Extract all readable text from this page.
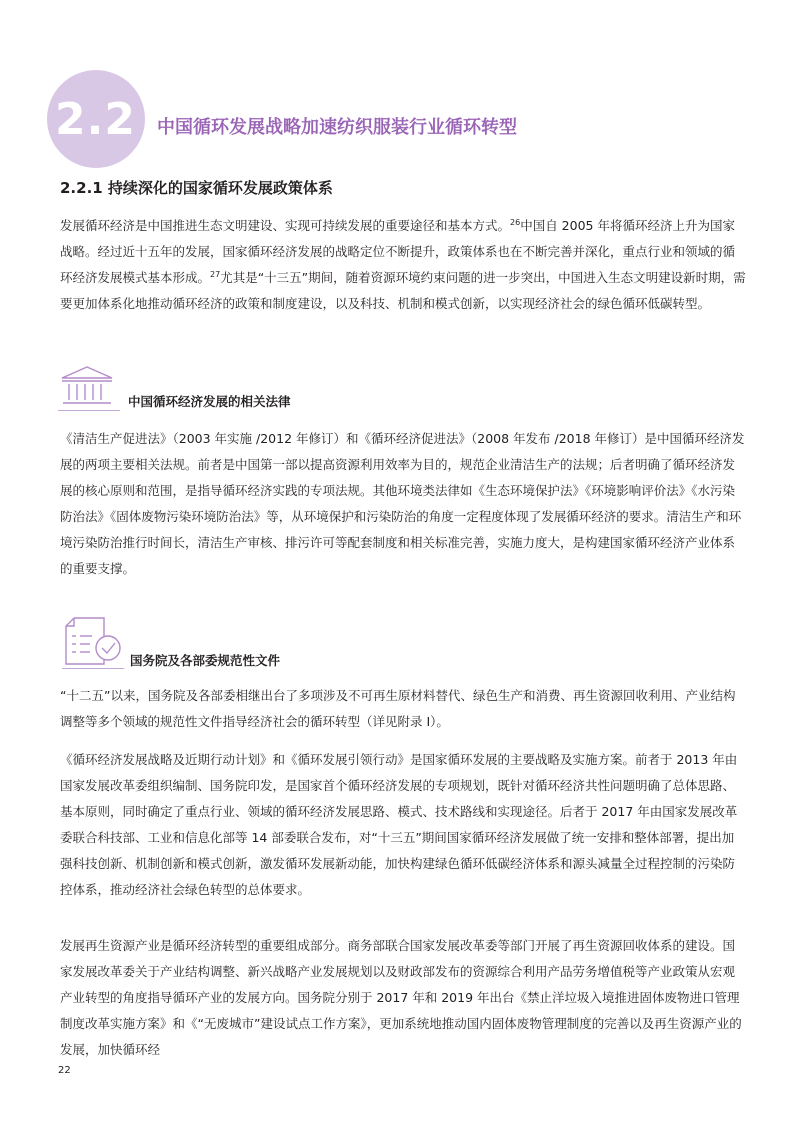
2.2 中国循环发展战略加速纺织服装行业循环转型
2.2.1 持续深化的国家循环发展政策体系

发展循环经济是中国推进生态文明建设、实现可持续发展的重要途径和基本方式。$^{26}$中国自 2005 年将循环经济上升为国家战略。经过近十五年的发展，国家循环经济发展的战略定位不断提升，政策体系也在不断完善并深化，重点行业和领域的循环经济发展模式基本形成。$^{27}$尤其是“十三五”期间，随着资源环境约束问题的进一步突出，中国进入生态文明建设新时期，需要更加体系化地推动循环经济的政策和制度建设，以及科技、机制和模式创新，以实现经济社会的绿色循环低碳转型。

中国循环经济发展的相关法律

《清洁生产促进法》（2003 年实施 /2012 年修订）和《循环经济促进法》（2008 年发布 /2018 年修订）是中国循环经济发展的两项主要相关法规。前者是中国第一部以提高资源利用效率为目的，规范企业清洁生产的法规；后者明确了循环经济发展的核心原则和范围，是指导循环经济实践的专项法规。其他环境类法律如《生态环境保护法》《环境影响评价法》《水污染防治法》《固体废物污染环境防治法》等，从环境保护和污染防治的角度一定程度体现了发展循环经济的要求。清洁生产和环境污染防治推行时间长，清洁生产审核、排污许可等配套制度和相关标准完善，实施力度大，是构建国家循环经济产业体系的重要支撑。

国务院及各部委规范性文件

“十二五”以来，国务院及各部委相继出台了多项涉及不可再生原材料替代、绿色生产和消费、再生资源回收利用、产业结构调整等多个领域的规范性文件指导经济社会的循环转型（详见附录 I）。

《循环经济发展战略及近期行动计划》和《循环发展引领行动》是国家循环发展的主要战略及实施方案。前者于 2013 年由国家发展改革委组织编制、国务院印发，是国家首个循环经济发展的专项规划，既针对循环经济共性问题明确了总体思路、基本原则，同时确定了重点行业、领域的循环经济发展思路、模式、技术路线和实现途径。后者于 2017 年由国家发展改革委联合科技部、工业和信息化部等 14 部委联合发布，对“十三五”期间国家循环经济发展做了统一安排和整体部署，提出加强科技创新、机制创新和模式创新，激发循环发展新动能，加快构建绿色循环低碳经济体系和源头减量全过程控制的污染防控体系，推动经济社会绿色转型的总体要求。

发展再生资源产业是循环经济转型的重要组成部分。商务部联合国家发展改革委等部门开展了再生资源回收体系的建设。国家发展改革委关于产业结构调整、新兴战略产业发展规划以及财政部发布的资源综合利用产品劳务增值税等产业政策从宏观产业转型的角度指导循环产业的发展方向。国务院分别于 2017 年和 2019 年出台《禁止洋垃圾入境推进固体废物进口管理制度改革实施方案》和《“无废城市”建设试点工作方案》，更加系统地推动国内固体废物管理制度的完善以及再生资源产业的发展，加快循环经

22
